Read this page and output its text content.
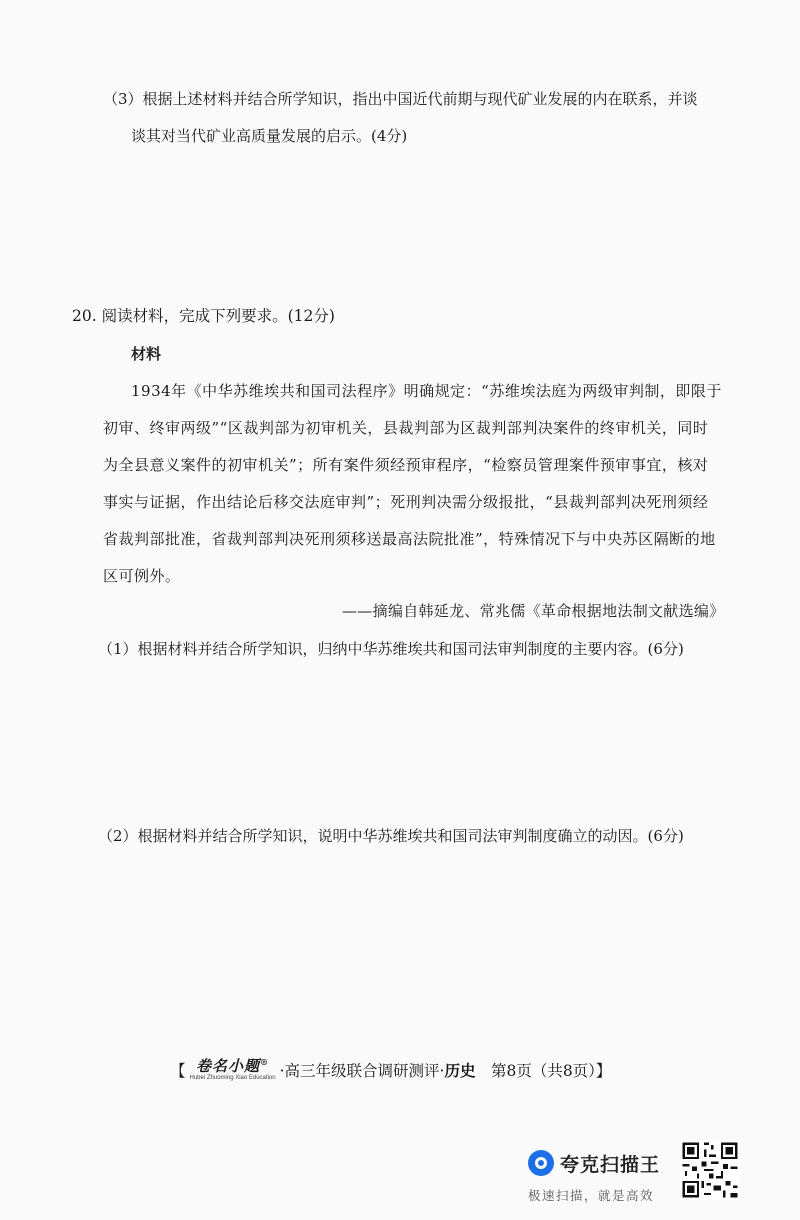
（3）根据上述材料并结合所学知识，指出中国近代前期与现代矿业发展的内在联系，并谈
谈其对当代矿业高质量发展的启示。(4分)
20. 阅读材料，完成下列要求。(12分)
材料
1934年《中华苏维埃共和国司法程序》明确规定：“苏维埃法庭为两级审判制，即限于
初审、终审两级”“区裁判部为初审机关，县裁判部为区裁判部判决案件的终审机关，同时
为全县意义案件的初审机关”；所有案件须经预审程序，“检察员管理案件预审事宜，核对
事实与证据，作出结论后移交法庭审判”；死刑判决需分级报批，“县裁判部判决死刑须经
省裁判部批准，省裁判部判决死刑须移送最高法院批准”，特殊情况下与中央苏区隔断的地
区可例外。
——摘编自韩延龙、常兆儒《革命根据地法制文献选编》
（1）根据材料并结合所学知识，归纳中华苏维埃共和国司法审判制度的主要内容。(6分)
（2）根据材料并结合所学知识，说明中华苏维埃共和国司法审判制度确立的动因。(6分)
【 卷名小题®
Hubei Zhuoming Xiao Education ·高三年级联合调研测评· 历史 　第8页（共8页）】
夸克扫描王
极速扫描，就是高效
